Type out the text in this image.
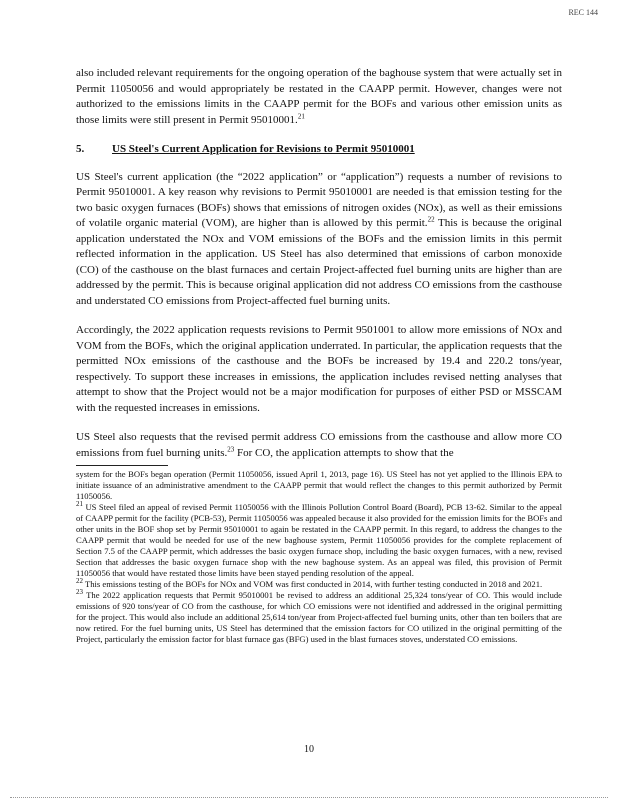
REC 144

also included relevant requirements for the ongoing operation of the baghouse system that were actually set in Permit 11050056 and would appropriately be restated in the CAAPP permit. However, changes were not authorized to the emissions limits in the CAAPP permit for the BOFs and various other emission units as those limits were still present in Permit 95010001.21

5.	US Steel's Current Application for Revisions to Permit 95010001

US Steel's current application (the “2022 application” or “application”) requests a number of revisions to Permit 95010001. A key reason why revisions to Permit 95010001 are needed is that emission testing for the two basic oxygen furnaces (BOFs) shows that emissions of nitrogen oxides (NOx), as well as their emissions of volatile organic material (VOM), are higher than is allowed by this permit.$^{22}$ This is because the original application understated the NOx and VOM emissions of the BOFs and the emission limits in this permit reflected information in the application. US Steel has also determined that emissions of carbon monoxide (CO) of the casthouse on the blast furnaces and certain Project-affected fuel burning units are higher than are addressed by the permit. This is because original application did not address CO emissions from the casthouse and understated CO emissions from Project-affected fuel burning units.

Accordingly, the 2022 application requests revisions to Permit 9501001 to allow more emissions of NOx and VOM from the BOFs, which the original application underrated. In particular, the application requests that the permitted NOx emissions of the casthouse and the BOFs be increased by 19.4 and 220.2 tons/year, respectively. To support these increases in emissions, the application includes revised netting analyses that attempt to show that the Project would not be a major modification for purposes of either PSD or MSSCAM with the requested increases in emissions.

US Steel also requests that the revised permit address CO emissions from the casthouse and allow more CO emissions from fuel burning units.$^{23}$ For CO, the application attempts to show that the

system for the BOFs began operation (Permit 11050056, issued April 1, 2013, page 16). US Steel has not yet applied to the Illinois EPA to initiate issuance of an administrative amendment to the CAAPP permit that would reflect the changes to this permit authorized by Permit 11050056.

$^{21}$ US Steel filed an appeal of revised Permit 11050056 with the Illinois Pollution Control Board (Board), PCB 13-62. Similar to the appeal of CAAPP permit for the facility (PCB-53), Permit 11050056 was appealed because it also provided for the emission limits for the BOFs and other units in the BOF shop set by Permit 95010001 to again be restated in the CAAPP permit. In this regard, to address the changes to the CAAPP permit that would be needed for use of the new baghouse system, Permit 11050056 provides for the complete replacement of Section 7.5 of the CAAPP permit, which addresses the basic oxygen furnace shop, including the basic oxygen furnaces, with a new, revised Section that addresses the basic oxygen furnace shop with the new baghouse system. As an appeal was filed, this provision of Permit 11050056 that would have restated those limits have been stayed pending resolution of the appeal.

$^{22}$ This emissions testing of the BOFs for NOx and VOM was first conducted in 2014, with further testing conducted in 2018 and 2021.

$^{23}$ The 2022 application requests that Permit 95010001 be revised to address an additional 25,324 tons/year of CO. This would include emissions of 920 tons/year of CO from the casthouse, for which CO emissions were not identified and addressed in the original permitting for the project. This would also include an additional 25,614 ton/year from Project-affected fuel burning units, other than ten boilers that are now retired. For the fuel burning units, US Steel has determined that the emission factors for CO utilized in the original permitting of the Project, particularly the emission factor for blast furnace gas (BFG) used in the blast furnaces stoves, understated CO emissions.

10
